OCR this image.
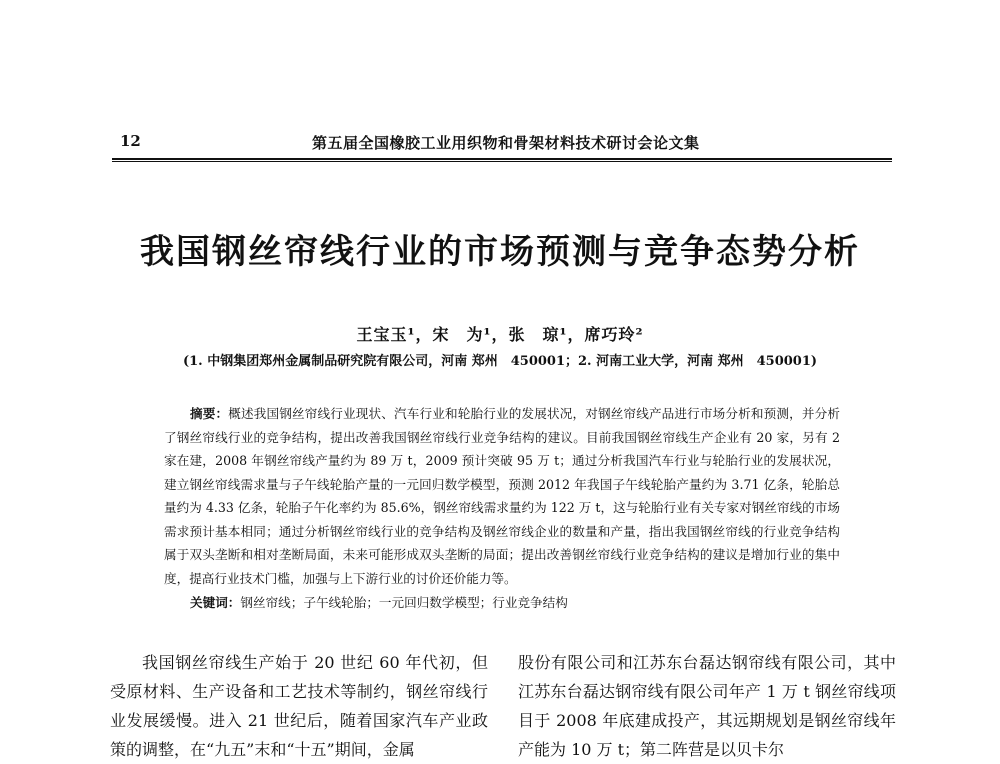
12	第五届全国橡胶工业用织物和骨架材料技术研讨会论文集
我国钢丝帘线行业的市场预测与竞争态势分析
王宝玉¹，宋　为¹，张　琼¹，席巧玲²
(1. 中钢集团郑州金属制品研究院有限公司，河南 郑州　450001；2. 河南工业大学，河南 郑州　450001)
摘要：概述我国钢丝帘线行业现状、汽车行业和轮胎行业的发展状况，对钢丝帘线产品进行市场分析和预测，并分析了钢丝帘线行业的竞争结构，提出改善我国钢丝帘线行业竞争结构的建议。目前我国钢丝帘线生产企业有 20 家，另有 2 家在建，2008 年钢丝帘线产量约为 89 万 t，2009 预计突破 95 万 t；通过分析我国汽车行业与轮胎行业的发展状况，建立钢丝帘线需求量与子午线轮胎产量的一元回归数学模型，预测 2012 年我国子午线轮胎产量约为 3.71 亿条，轮胎总量约为 4.33 亿条，轮胎子午化率约为 85.6%，钢丝帘线需求量约为 122 万 t，这与轮胎行业有关专家对钢丝帘线的市场需求预计基本相同；通过分析钢丝帘线行业的竞争结构及钢丝帘线企业的数量和产量，指出我国钢丝帘线的行业竞争结构属于双头垄断和相对垄断局面，未来可能形成双头垄断的局面；提出改善钢丝帘线行业竞争结构的建议是增加行业的集中度，提高行业技术门槛，加强与上下游行业的讨价还价能力等。
关键词：钢丝帘线；子午线轮胎；一元回归数学模型；行业竞争结构

我国钢丝帘线生产始于 20 世纪 60 年代初，但受原材料、生产设备和工艺技术等制约，钢丝帘线行业发展缓慢。进入 21 世纪后，随着国家汽车产业政策的调整，在“九五”末和“十五”期间，金属

股份有限公司和江苏东台磊达钢帘线有限公司，其中江苏东台磊达钢帘线有限公司年产 1 万 t 钢丝帘线项目于 2008 年底建成投产，其远期规划是钢丝帘线年产能为 10 万 t；第二阵营是以贝卡尔
